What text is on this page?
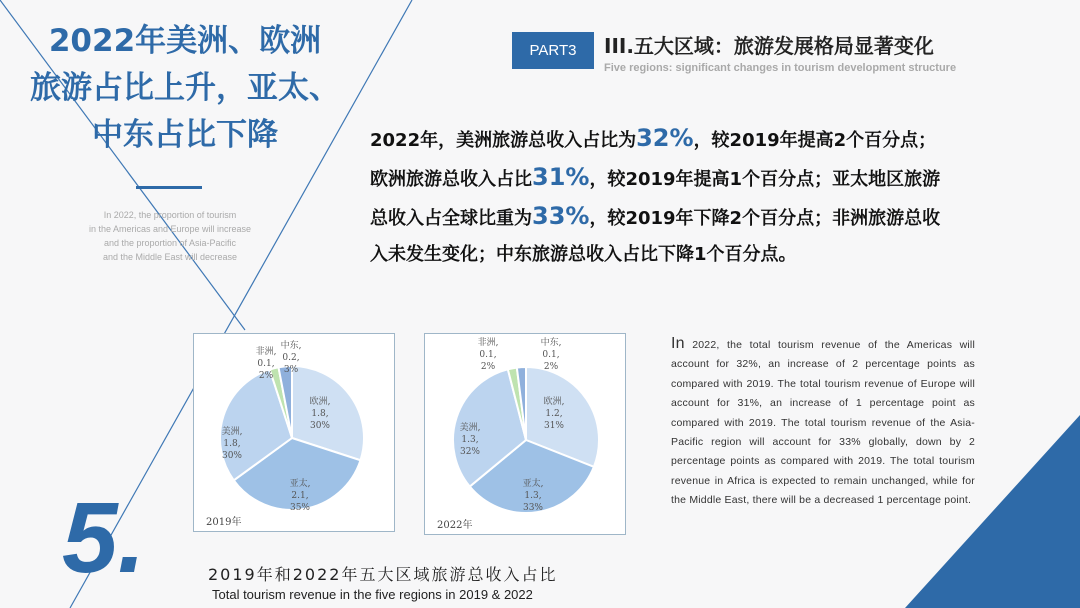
2022年美洲、欧洲
旅游占比上升，亚太、
中东占比下降
In 2022, the proportion of tourism
in the Americas and Europe will increase
and the proportion of Asia-Pacific
and the Middle East will decrease
PART3	III.五大区域：旅游发展格局显著变化
Five regions: significant changes in tourism development structure
2022年，美洲旅游总收入占比为32%，较2019年提高2个百分点；欧洲旅游总收入占比31%，较2019年提高1个百分点；亚太地区旅游总收入占全球比重为33%，较2019年下降2个百分点；非洲旅游总收入未发生变化；中东旅游总收入占比下降1个百分点。
欧洲, 1.8, 30%
亚太, 2.1, 35%
美洲, 1.8, 30%
非洲, 0.1, 2%
中东, 0.2, 3%
2019年
欧洲, 1.2, 31%
亚太, 1.3, 33%
美洲, 1.3, 32%
非洲, 0.1, 2%
中东, 0.1, 2%
2022年
In 2022, the total tourism revenue of the Americas will account for 32%, an increase of 2 percentage points as compared with 2019. The total tourism revenue of Europe will account for 31%, an increase of 1 percentage point as compared with 2019. The total tourism revenue of the Asia-Pacific region will account for 33% globally, down by 2 percentage points as compared with 2019. The total tourism revenue in Africa is expected to remain unchanged, while for the Middle East, there will be a decreased 1 percentage point.
5.	2019年和2022年五大区域旅游总收入占比
Total tourism revenue in the five regions in 2019 & 2022
